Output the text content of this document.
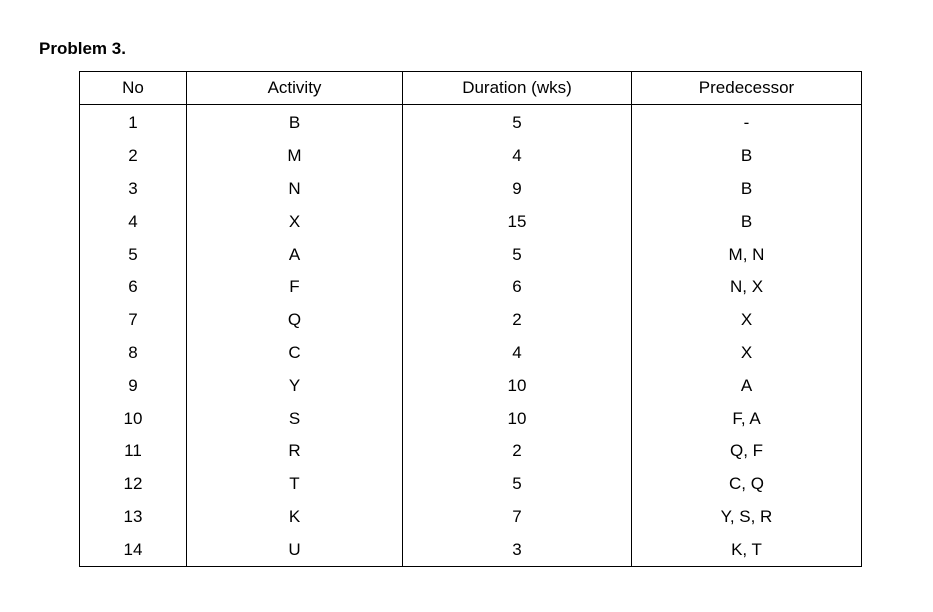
Problem 3.
No	Activity	Duration (wks)	Predecessor
1	B	5	-
2	M	4	B
3	N	9	B
4	X	15	B
5	A	5	M, N
6	F	6	N, X
7	Q	2	X
8	C	4	X
9	Y	10	A
10	S	10	F, A
11	R	2	Q, F
12	T	5	C, Q
13	K	7	Y, S, R
14	U	3	K, T
